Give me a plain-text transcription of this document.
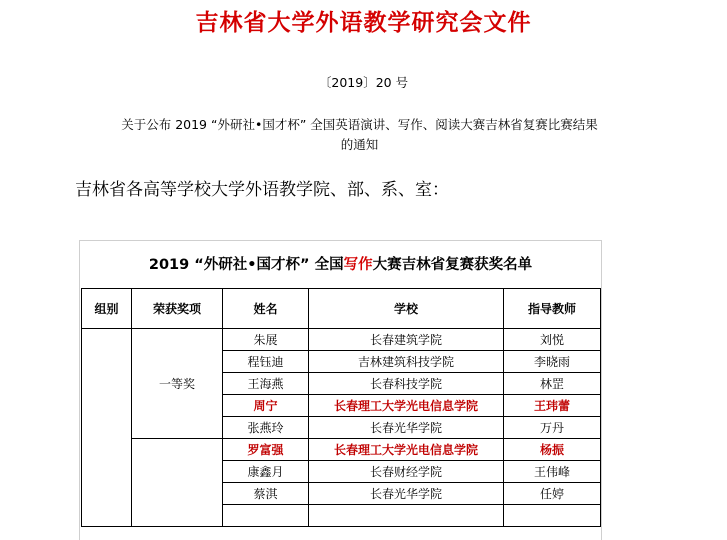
吉林省大学外语教学研究会文件
〔2019〕20 号
关于公布 2019 “外研社•国才杯” 全国英语演讲、写作、阅读大赛吉林省复赛比赛结果
的通知
吉林省各高等学校大学外语教学院、部、系、室：
2019 “外研社•国才杯” 全国写作大赛吉林省复赛获奖名单
组别	荣获奖项	姓名	学校	指导教师
	一等奖	朱展	长春建筑学院	刘悦
		程钰迪	吉林建筑科技学院	李晓雨
		王海燕	长春科技学院	林罡
		周宁	长春理工大学光电信息学院	王玮蕾
		张燕玲	长春光华学院	万丹
		罗富强	长春理工大学光电信息学院	杨振
		康鑫月	长春财经学院	王伟峰
		蔡淇	长春光华学院	任婷
